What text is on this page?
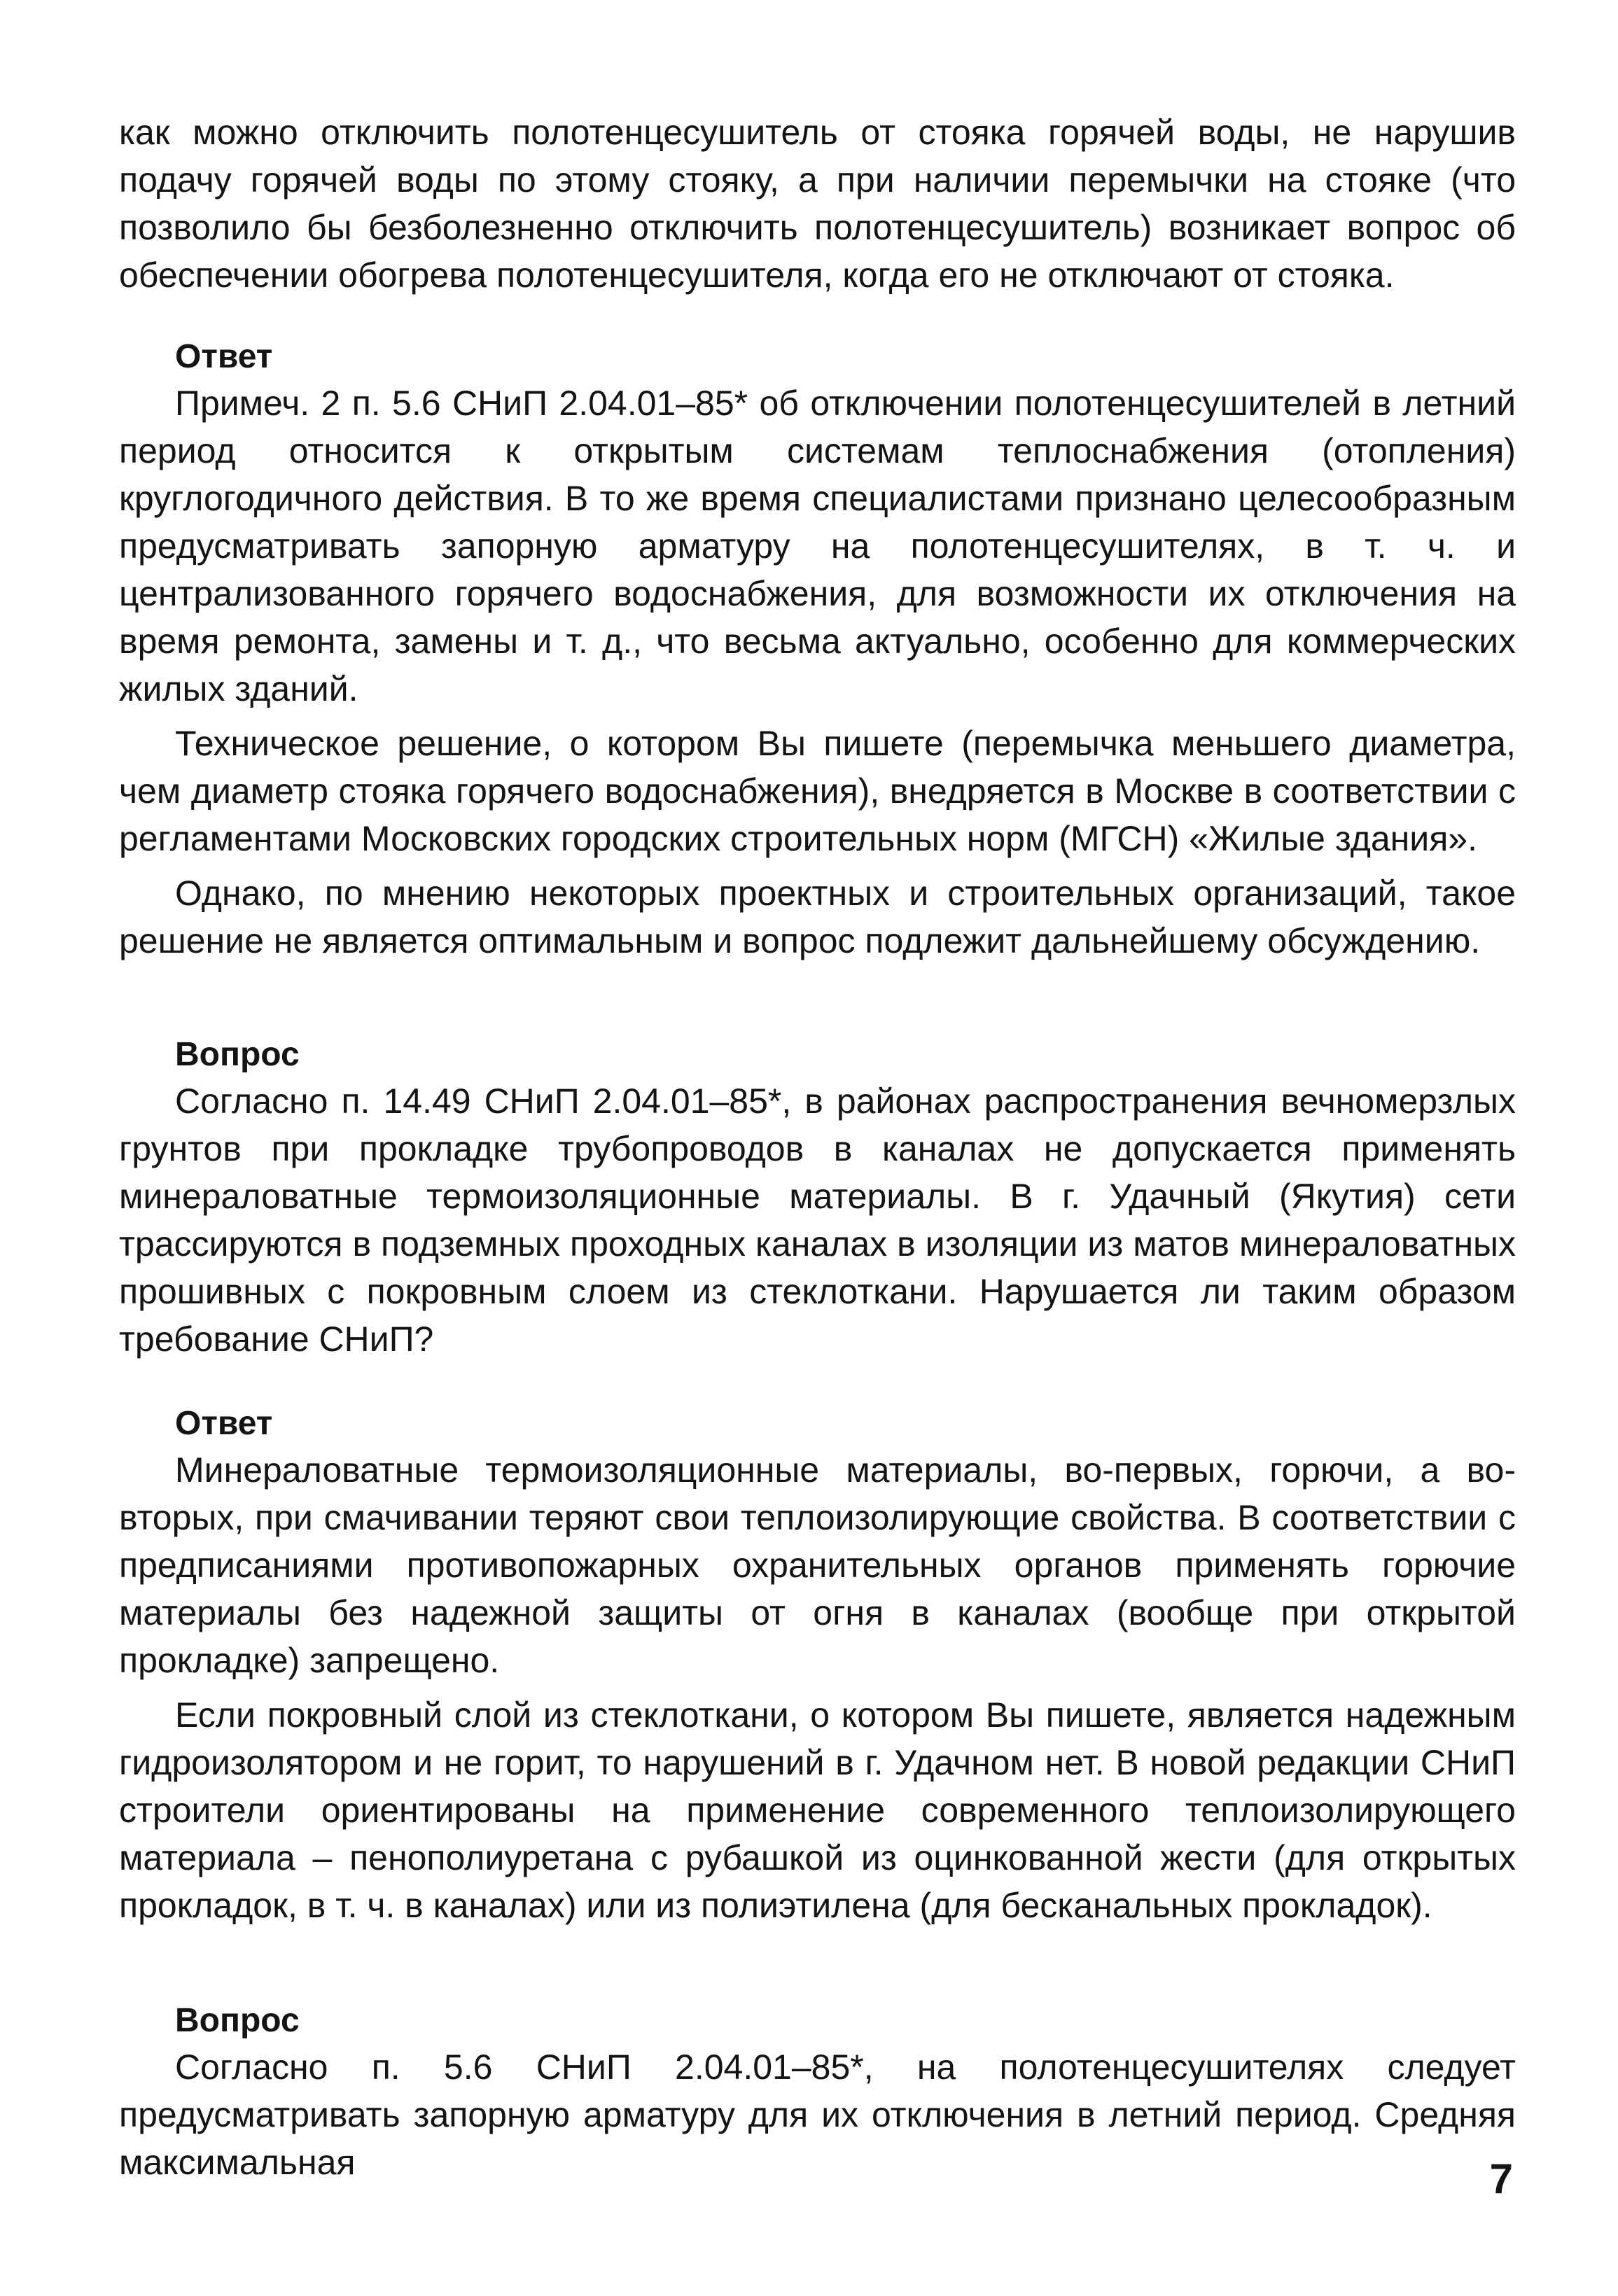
как можно отключить полотенцесушитель от стояка горячей воды, не нарушив подачу горячей воды по этому стояку, а при наличии перемычки на стояке (что позволило бы безболезненно отключить полотенцесушитель) возникает вопрос об обеспечении обогрева полотенцесушителя, когда его не отключают от стояка.

Ответ

Примеч. 2 п. 5.6 СНиП 2.04.01–85* об отключении полотенцесушителей в летний период относится к открытым системам теплоснабжения (отопления) круглогодичного действия. В то же время специалистами признано целесообразным предусматривать запорную арматуру на полотенцесушителях, в т. ч. и централизованного горячего водоснабжения, для возможности их отключения на время ремонта, замены и т. д., что весьма актуально, особенно для коммерческих жилых зданий.

Техническое решение, о котором Вы пишете (перемычка меньшего диаметра, чем диаметр стояка горячего водоснабжения), внедряется в Москве в соответствии с регламентами Московских городских строительных норм (МГСН) «Жилые здания».

Однако, по мнению некоторых проектных и строительных организаций, такое решение не является оптимальным и вопрос подлежит дальнейшему обсуждению.

Вопрос

Согласно п. 14.49 СНиП 2.04.01–85*, в районах распространения вечномерзлых грунтов при прокладке трубопроводов в каналах не допускается применять минераловатные термоизоляционные материалы. В г. Удачный (Якутия) сети трассируются в подземных проходных каналах в изоляции из матов минераловатных прошивных с покровным слоем из стеклоткани. Нарушается ли таким образом требование СНиП?

Ответ

Минераловатные термоизоляционные материалы, во-первых, горючи, а во-вторых, при смачивании теряют свои теплоизолирующие свойства. В соответствии с предписаниями противопожарных охранительных органов применять горючие материалы без надежной защиты от огня в каналах (вообще при открытой прокладке) запрещено.

Если покровный слой из стеклоткани, о котором Вы пишете, является надежным гидроизолятором и не горит, то нарушений в г. Удачном нет. В новой редакции СНиП строители ориентированы на применение современного теплоизолирующего материала – пенополиуретана с рубашкой из оцинкованной жести (для открытых прокладок, в т. ч. в каналах) или из полиэтилена (для бесканальных прокладок).

Вопрос

Согласно п. 5.6 СНиП 2.04.01–85*, на полотенцесушителях следует предусматривать запорную арматуру для их отключения в летний период. Средняя максимальная	7
